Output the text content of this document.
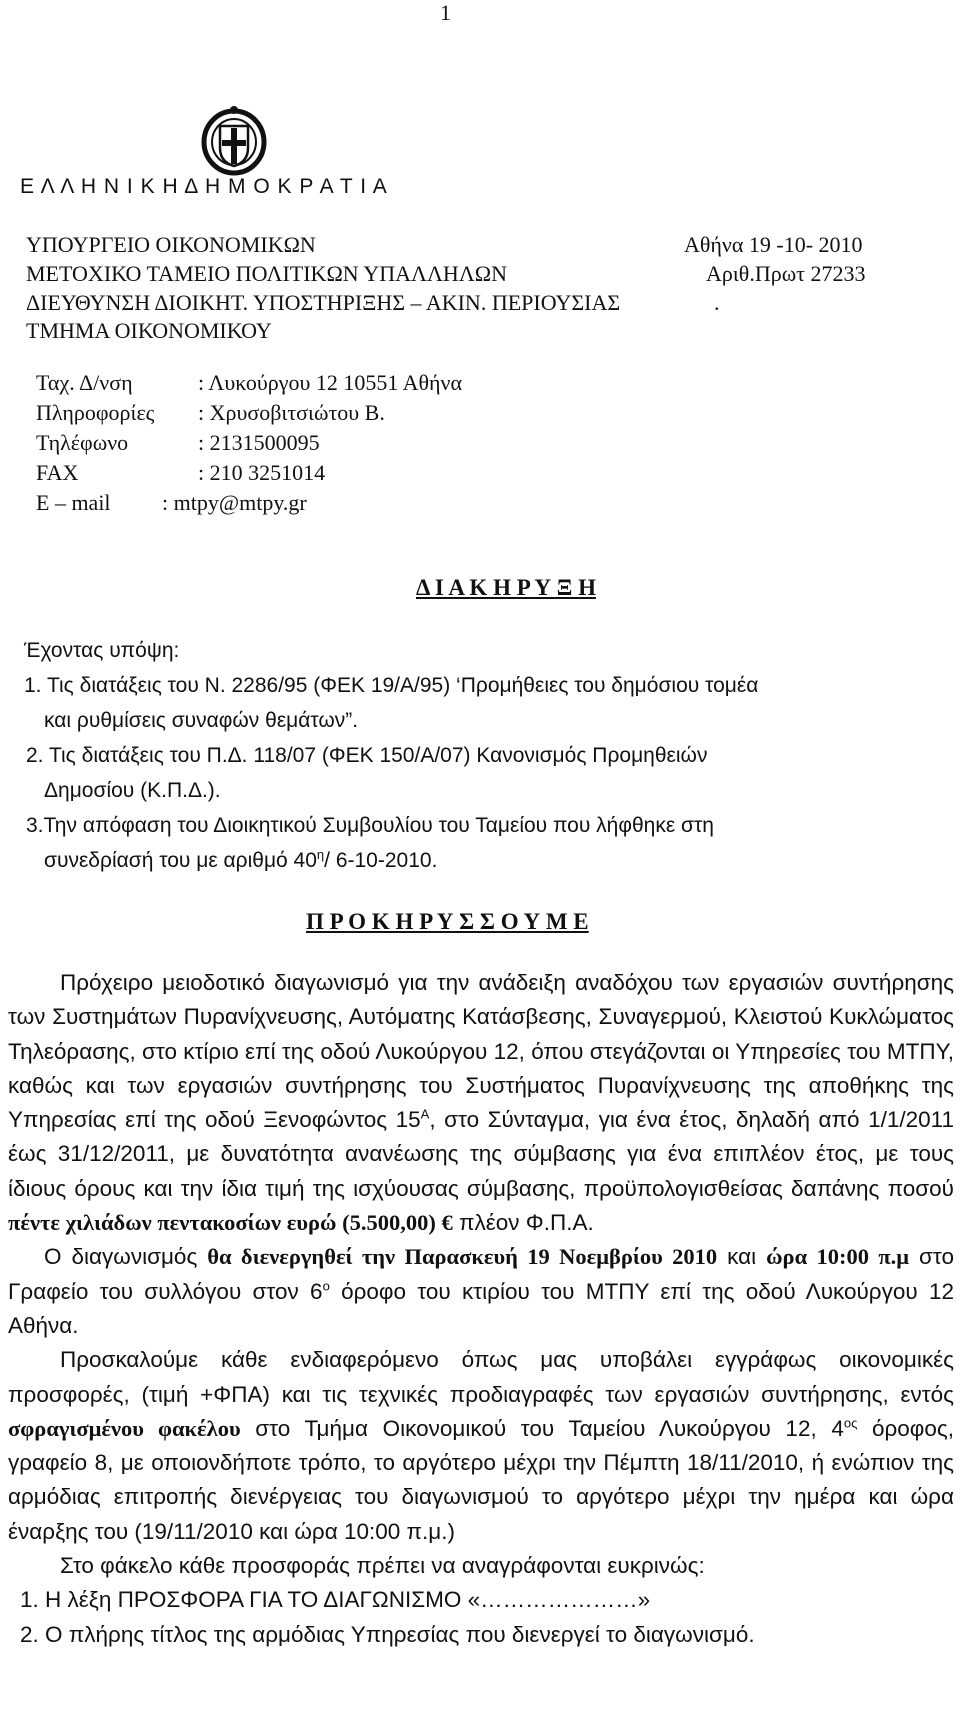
1
Ε Λ Λ Η Ν Ι Κ Η Δ Η Μ Ο Κ Ρ Α Τ Ι Α
ΥΠΟΥΡΓΕΙΟ ΟΙΚΟΝΟΜΙΚΩΝ
ΜΕΤΟΧΙΚΟ ΤΑΜΕΙΟ ΠΟΛΙΤΙΚΩΝ ΥΠΑΛΛΗΛΩΝ
ΔΙΕΥΘΥΝΣΗ ΔΙΟΙΚΗΤ. ΥΠΟΣΤΗΡΙΞΗΣ – ΑΚΙΝ. ΠΕΡΙΟΥΣΙΑΣ
ΤΜΗΜΑ ΟΙΚΟΝΟΜΙΚΟΥ
Αθήνα 19 -10- 2010
Αριθ.Πρωτ 27233
.
Ταχ. Δ/νση	: Λυκούργου 12 10551 Αθήνα
Πληροφορίες : Χρυσοβιτσιώτου Β.
Τηλέφωνο	: 2131500095
FAX	: 210 3251014
E – mail : mtpy@mtpy.gr
Δ Ι Α Κ Η Ρ Υ Ξ Η
Έχοντας υπόψη:
1. Τις διατάξεις του Ν. 2286/95 (ΦΕΚ 19/Α/95) ‘Προμήθειες του δημόσιου τομέα
και ρυθμίσεις συναφών θεμάτων”.
2. Τις διατάξεις του Π.Δ. 118/07 (ΦΕΚ 150/Α/07) Κανονισμός Προμηθειών
Δημοσίου (Κ.Π.Δ.).
3.Την απόφαση του Διοικητικού Συμβουλίου του Ταμείου που λήφθηκε στη
συνεδρίασή του με αριθμό $40^\eta/$ 6-10-2010.
Π Ρ Ο Κ Η Ρ Υ Σ Σ Ο Υ Μ Ε

Πρόχειρο μειοδοτικό διαγωνισμό για την ανάδειξη αναδόχου των εργασιών συντήρησης των Συστημάτων Πυρανίχνευσης, Αυτόματης Κατάσβεσης, Συναγερμού, Κλειστού Κυκλώματος Τηλεόρασης, στο κτίριο επί της οδού Λυκούργου 12, όπου στεγάζονται οι Υπηρεσίες του ΜΤΠΥ, καθώς και των εργασιών συντήρησης του Συστήματος Πυρανίχνευσης της αποθήκης της Υπηρεσίας επί της οδού Ξενοφώντος $15^A$, στο Σύνταγμα, για ένα έτος, δηλαδή από 1/1/2011 έως 31/12/2011, με δυνατότητα ανανέωσης της σύμβασης για ένα επιπλέον έτος, με τους ίδιους όρους και την ίδια τιμή της ισχύουσας σύμβασης, προϋπολογισθείσας δαπάνης ποσού πέντε χιλιάδων πεντακοσίων ευρώ (5.500,00) € πλέον Φ.Π.Α.

Ο διαγωνισμός θα διενεργηθεί την Παρασκευή 19 Νοεμβρίου 2010 και ώρα 10:00 π.μ στο Γραφείο του συλλόγου στον $6^o$ όροφο του κτιρίου του ΜΤΠΥ επί της οδού Λυκούργου 12 Αθήνα.

Προσκαλούμε κάθε ενδιαφερόμενο όπως μας υποβάλει εγγράφως οικονομικές προσφορές, (τιμή +ΦΠΑ) και τις τεχνικές προδιαγραφές των εργασιών συντήρησης, εντός σφραγισμένου φακέλου στο Τμήμα Οικονομικού του Ταμείου Λυκούργου 12, $4^{o\varsigma}$ όροφος, γραφείο 8, με οποιονδήποτε τρόπο, το αργότερο μέχρι την Πέμπτη 18/11/2010, ή ενώπιον της αρμόδιας επιτροπής διενέργειας του διαγωνισμού το αργότερο μέχρι την ημέρα και ώρα έναρξης του (19/11/2010 και ώρα 10:00 π.μ.)

Στο φάκελο κάθε προσφοράς πρέπει να αναγράφονται ευκρινώς:

1. Η λέξη ΠΡΟΣΦΟΡΑ ΓΙΑ ΤΟ ΔΙΑΓΩΝΙΣΜΟ «…………………»

2. Ο πλήρης τίτλος της αρμόδιας Υπηρεσίας που διενεργεί το διαγωνισμό.
